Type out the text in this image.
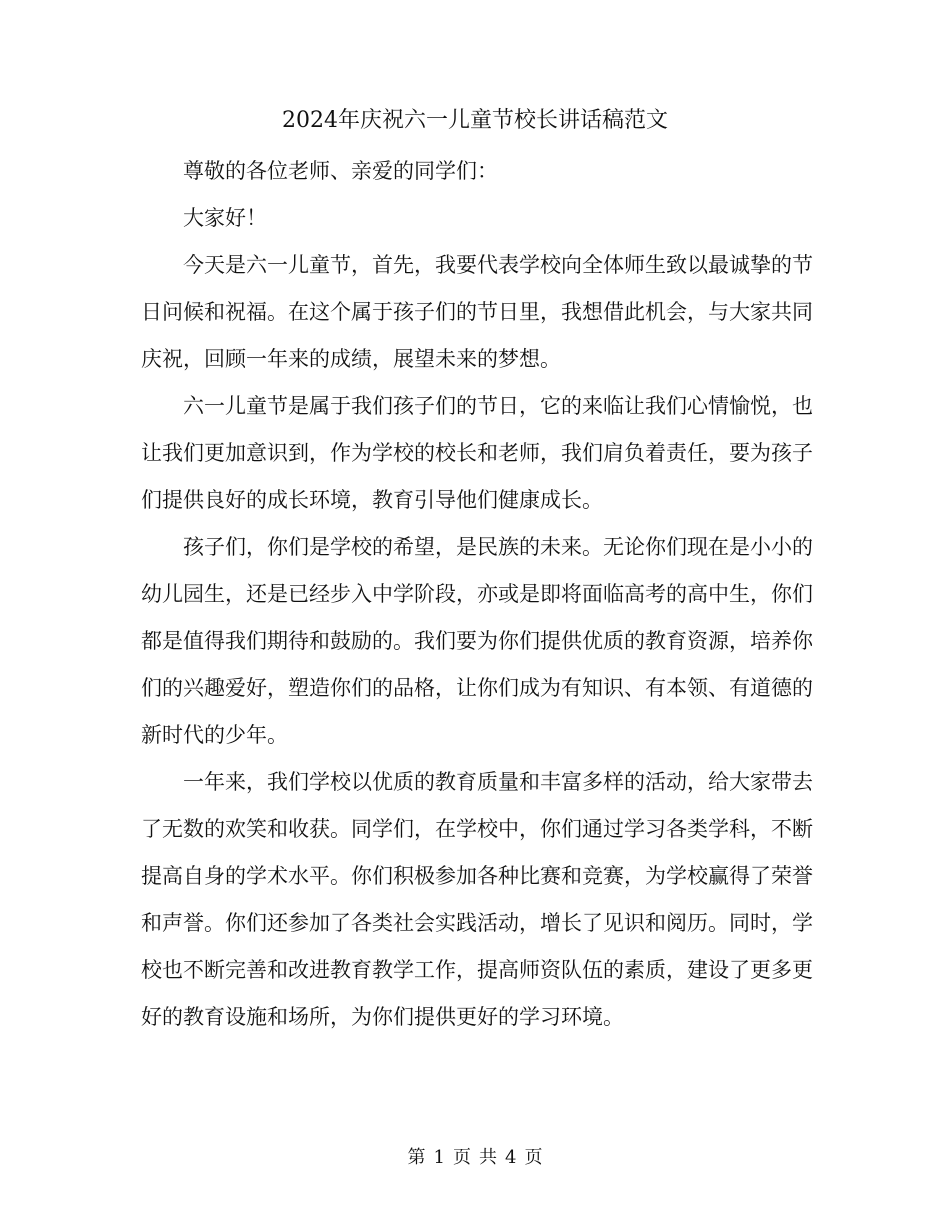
2024年庆祝六一儿童节校长讲话稿范文

尊敬的各位老师、亲爱的同学们：

大家好！

今天是六一儿童节，首先，我要代表学校向全体师生致以最诚挚的节日问候和祝福。在这个属于孩子们的节日里，我想借此机会，与大家共同庆祝，回顾一年来的成绩，展望未来的梦想。

六一儿童节是属于我们孩子们的节日，它的来临让我们心情愉悦，也让我们更加意识到，作为学校的校长和老师，我们肩负着责任，要为孩子们提供良好的成长环境，教育引导他们健康成长。

孩子们，你们是学校的希望，是民族的未来。无论你们现在是小小的幼儿园生，还是已经步入中学阶段，亦或是即将面临高考的高中生，你们都是值得我们期待和鼓励的。我们要为你们提供优质的教育资源，培养你们的兴趣爱好，塑造你们的品格，让你们成为有知识、有本领、有道德的新时代的少年。

一年来，我们学校以优质的教育质量和丰富多样的活动，给大家带去了无数的欢笑和收获。同学们，在学校中，你们通过学习各类学科，不断提高自身的学术水平。你们积极参加各种比赛和竞赛，为学校赢得了荣誉和声誉。你们还参加了各类社会实践活动，增长了见识和阅历。同时，学校也不断完善和改进教育教学工作，提高师资队伍的素质，建设了更多更好的教育设施和场所，为你们提供更好的学习环境。

第 1 页 共 4 页
